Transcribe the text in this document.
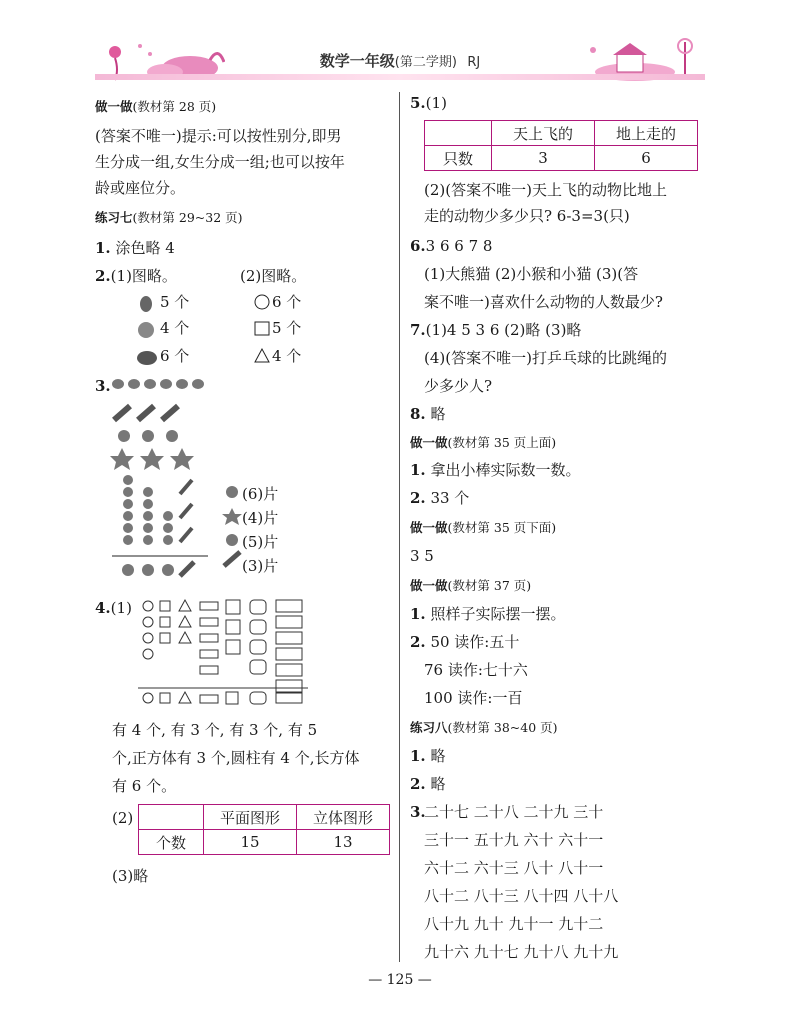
数学一年级(第二学期) RJ
做一做(教材第 28 页)
(答案不唯一)提示:可以按性别分,即男
生分成一组,女生分成一组;也可以按年
龄或座位分。
练习七(教材第 29~32 页)
1. 涂色略 4
2.(1)图略。	(2)图略。
5 个
4 个
6 个
6 个
5 个
4 个
3.
(6)片
(4)片
(5)片
(3)片
4.(1)
有 4 个, 有 3 个, 有 3 个, 有 5
个,正方体有 3 个,圆柱有 4 个,长方体
有 6 个。
(2)
		平面图形	立体图形
个数	15	13
(3)略
5.(1)
	天上飞的	地上走的
只数	3	6
(2)(答案不唯一)天上飞的动物比地上
走的动物少多少只? 6-3=3(只)
6.3 6 6 7 8
(1)大熊猫 (2)小猴和小猫 (3)(答
案不唯一)喜欢什么动物的人数最少?
7.(1)4 5 3 6 (2)略 (3)略
(4)(答案不唯一)打乒乓球的比跳绳的
少多少人?
8. 略
做一做(教材第 35 页上面)
1. 拿出小棒实际数一数。
2. 33 个
做一做(教材第 35 页下面)
3 5
做一做(教材第 37 页)
1. 照样子实际摆一摆。
2. 50 读作:五十
76 读作:七十六
100 读作:一百
练习八(教材第 38~40 页)
1. 略
2. 略
3.
二十七 二十八 二十九 三十
三十一 五十九 六十 六十一
六十二 六十三 八十 八十一
八十二 八十三 八十四 八十八
八十九 九十 九十一 九十二
九十六 九十七 九十八 九十九
— 125 —
